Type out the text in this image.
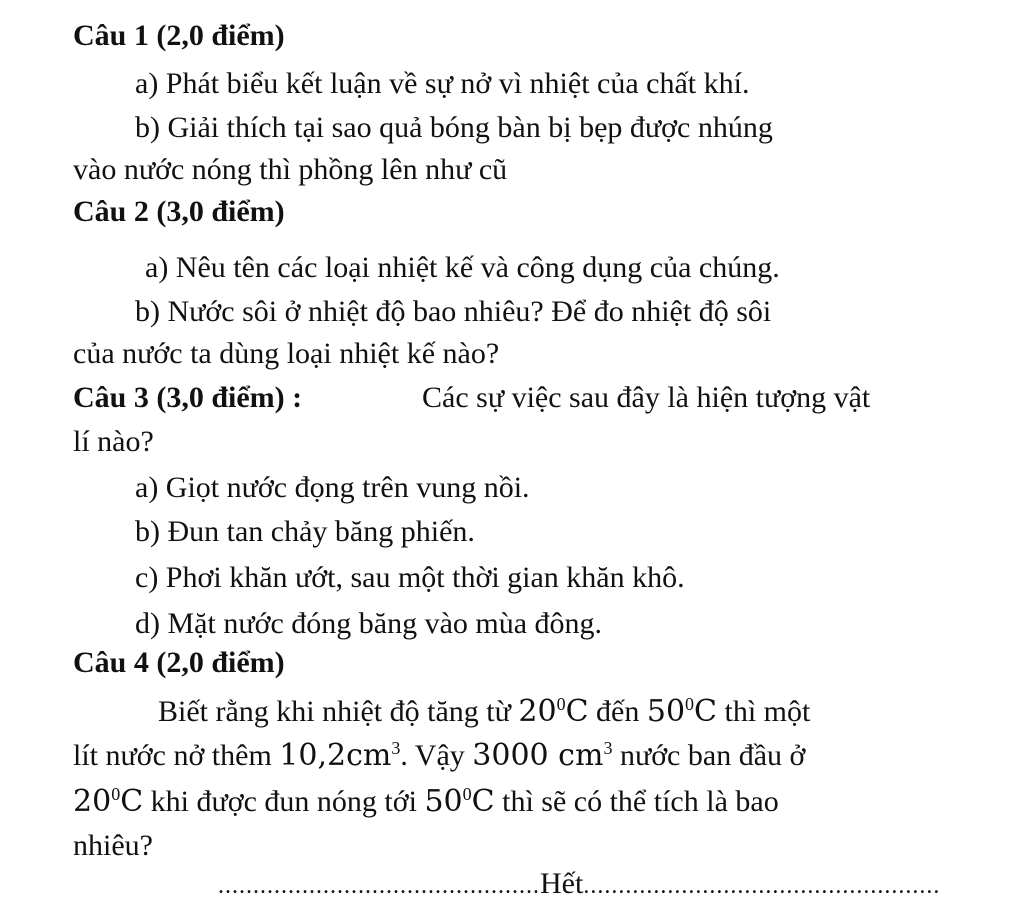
Câu 1 (2,0 điểm)
a) Phát biểu kết luận về sự nở vì nhiệt của chất khí.
b) Giải thích tại sao quả bóng bàn bị bẹp được nhúng
vào nước nóng thì phồng lên như cũ
Câu 2 (3,0 điểm)
a) Nêu tên các loại nhiệt kế và công dụng của chúng.
b) Nước sôi ở nhiệt độ bao nhiêu? Để đo nhiệt độ sôi
của nước ta dùng loại nhiệt kế nào?
Câu 3 (3,0 điểm) :	Các sự việc sau đây là hiện tượng vật
lí nào?
a) Giọt nước đọng trên vung nồi.
b) Đun tan chảy băng phiến.
c) Phơi khăn ướt, sau một thời gian khăn khô.
d) Mặt nước đóng băng vào mùa đông.
Câu 4 (2,0 điểm)
Biết rằng khi nhiệt độ tăng từ $20^0C$ đến $50^0C$ thì một
lít nước nở thêm $10,2cm^3$. Vậy 3000 $cm^3$ nước ban đầu ở
$20^0C$ khi được đun nóng tới $50^0C$ thì sẽ có thể tích là bao
nhiêu?
..............................................Hết...................................................
